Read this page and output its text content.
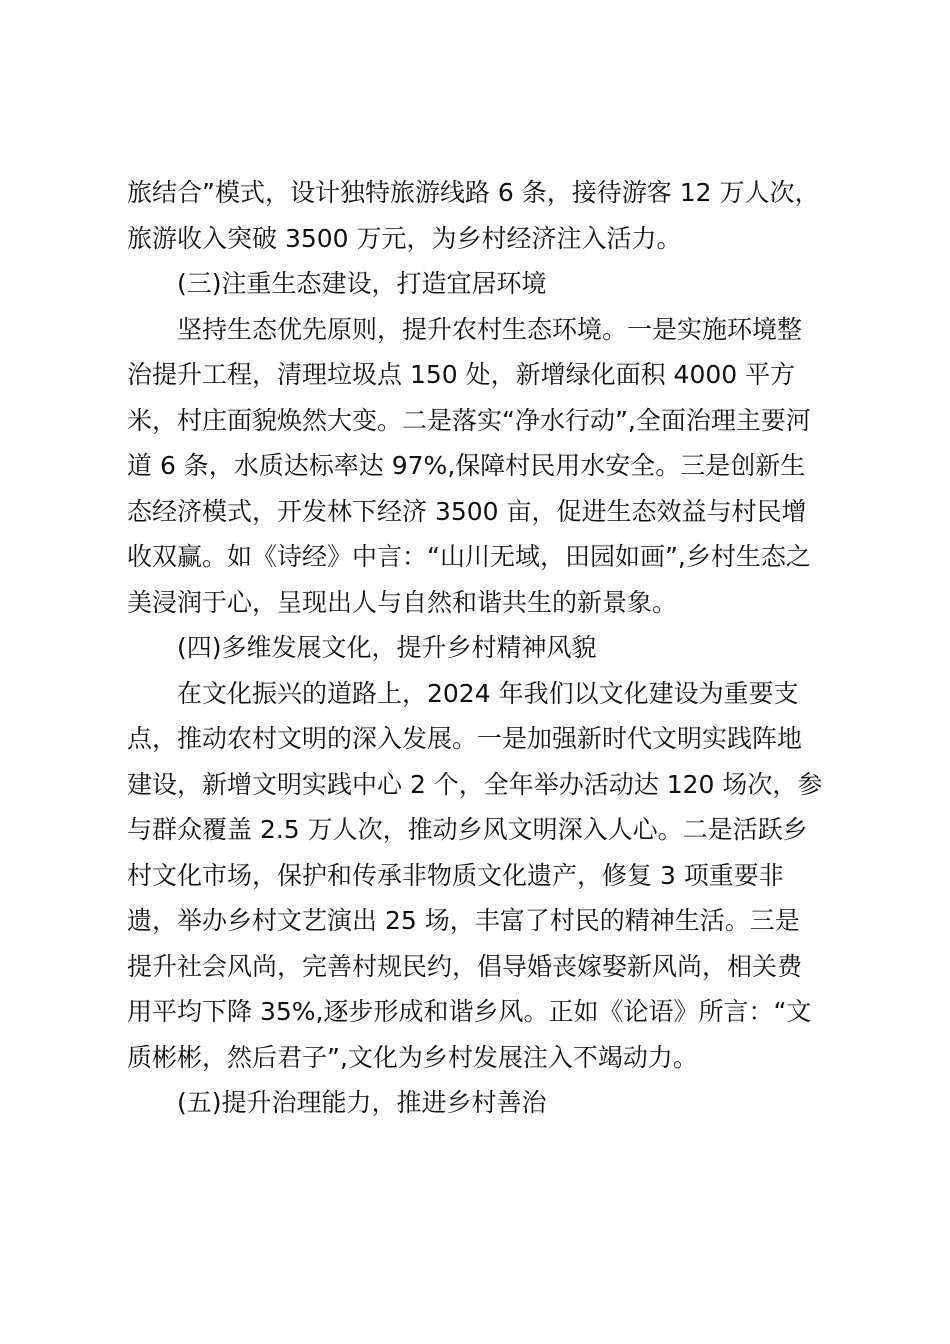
旅结合”模式，设计独特旅游线路 6 条，接待游客 12 万人次，
旅游收入突破 3500 万元，为乡村经济注入活力。
(三)注重生态建设，打造宜居环境
坚持生态优先原则，提升农村生态环境。一是实施环境整
治提升工程，清理垃圾点 150 处，新增绿化面积 4000 平方
米，村庄面貌焕然大变。二是落实“净水行动”,全面治理主要河
道 6 条，水质达标率达 97%,保障村民用水安全。三是创新生
态经济模式，开发林下经济 3500 亩，促进生态效益与村民增
收双赢。如《诗经》中言：“山川无域，田园如画”,乡村生态之
美浸润于心，呈现出人与自然和谐共生的新景象。
(四)多维发展文化，提升乡村精神风貌
在文化振兴的道路上，2024 年我们以文化建设为重要支
点，推动农村文明的深入发展。一是加强新时代文明实践阵地
建设，新增文明实践中心 2 个，全年举办活动达 120 场次，参
与群众覆盖 2.5 万人次，推动乡风文明深入人心。二是活跃乡
村文化市场，保护和传承非物质文化遗产，修复 3 项重要非
遗，举办乡村文艺演出 25 场，丰富了村民的精神生活。三是
提升社会风尚，完善村规民约，倡导婚丧嫁娶新风尚，相关费
用平均下降 35%,逐步形成和谐乡风。正如《论语》所言：“文
质彬彬，然后君子”,文化为乡村发展注入不竭动力。
(五)提升治理能力，推进乡村善治
